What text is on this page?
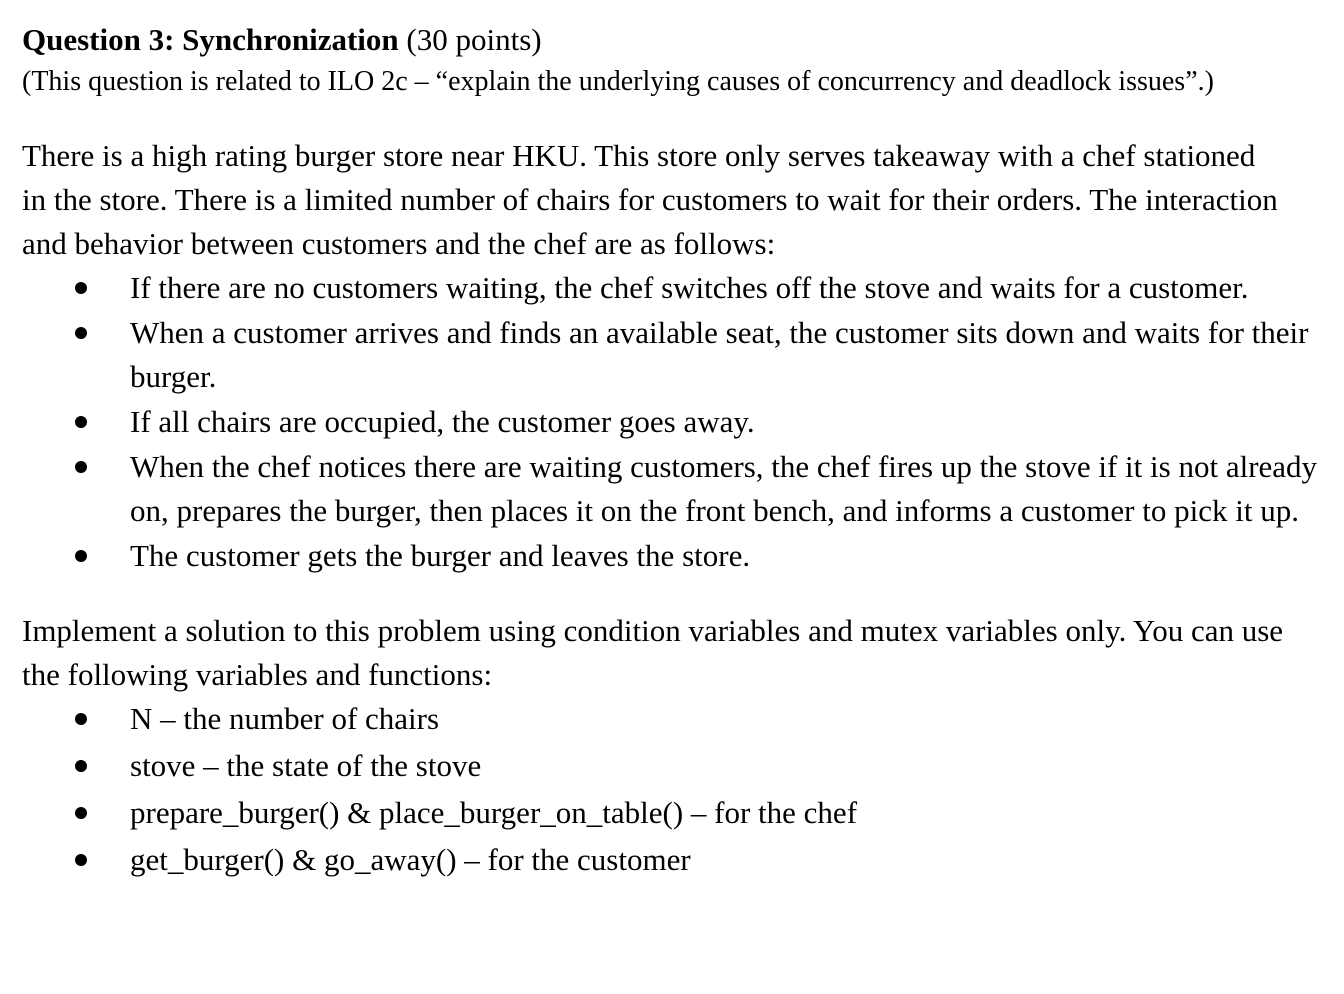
Question 3: Synchronization (30 points)

(This question is related to ILO 2c – “explain the underlying causes of concurrency and deadlock issues”.)

There is a high rating burger store near HKU. This store only serves takeaway with a chef stationed in the store. There is a limited number of chairs for customers to wait for their orders. The interaction and behavior between customers and the chef are as follows:

If there are no customers waiting, the chef switches off the stove and waits for a customer.
When a customer arrives and finds an available seat, the customer sits down and waits for their burger.
If all chairs are occupied, the customer goes away.
When the chef notices there are waiting customers, the chef fires up the stove if it is not already on, prepares the burger, then places it on the front bench, and informs a customer to pick it up.
The customer gets the burger and leaves the store.

Implement a solution to this problem using condition variables and mutex variables only. You can use the following variables and functions:

N – the number of chairs
stove – the state of the stove
prepare_burger() & place_burger_on_table() – for the chef
get_burger() & go_away() – for the customer
